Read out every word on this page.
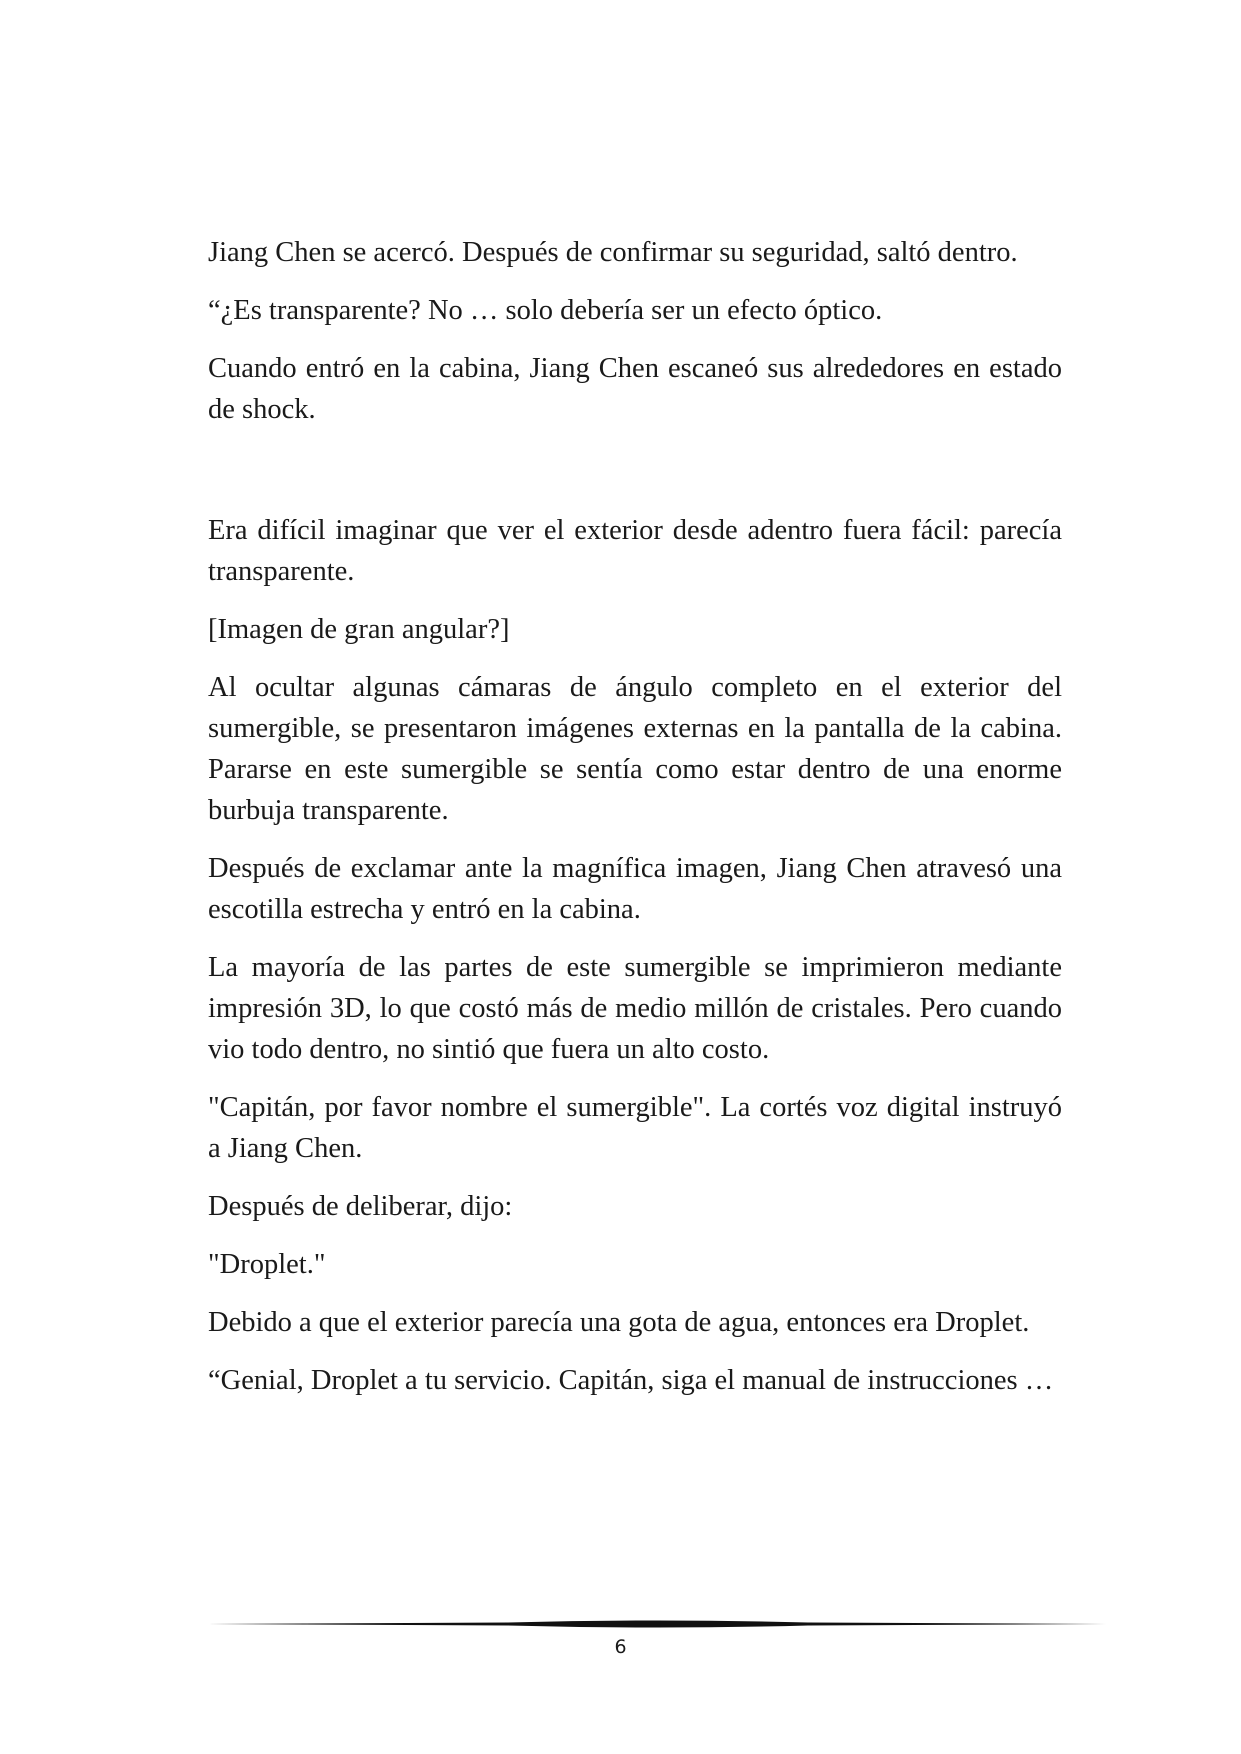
Jiang Chen se acercó. Después de confirmar su seguridad, saltó dentro.

“¿Es transparente? No … solo debería ser un efecto óptico.

Cuando entró en la cabina, Jiang Chen escaneó sus alrededores en estado de shock.

Era difícil imaginar que ver el exterior desde adentro fuera fácil: parecía transparente.

[Imagen de gran angular?]

Al ocultar algunas cámaras de ángulo completo en el exterior del sumergible, se presentaron imágenes externas en la pantalla de la cabina. Pararse en este sumergible se sentía como estar dentro de una enorme burbuja transparente.

Después de exclamar ante la magnífica imagen, Jiang Chen atravesó una escotilla estrecha y entró en la cabina.

La mayoría de las partes de este sumergible se imprimieron mediante impresión 3D, lo que costó más de medio millón de cristales. Pero cuando vio todo dentro, no sintió que fuera un alto costo.

"Capitán, por favor nombre el sumergible". La cortés voz digital instruyó a Jiang Chen.

Después de deliberar, dijo:

"Droplet."

Debido a que el exterior parecía una gota de agua, entonces era Droplet.

“Genial, Droplet a tu servicio. Capitán, siga el manual de instrucciones …

6
